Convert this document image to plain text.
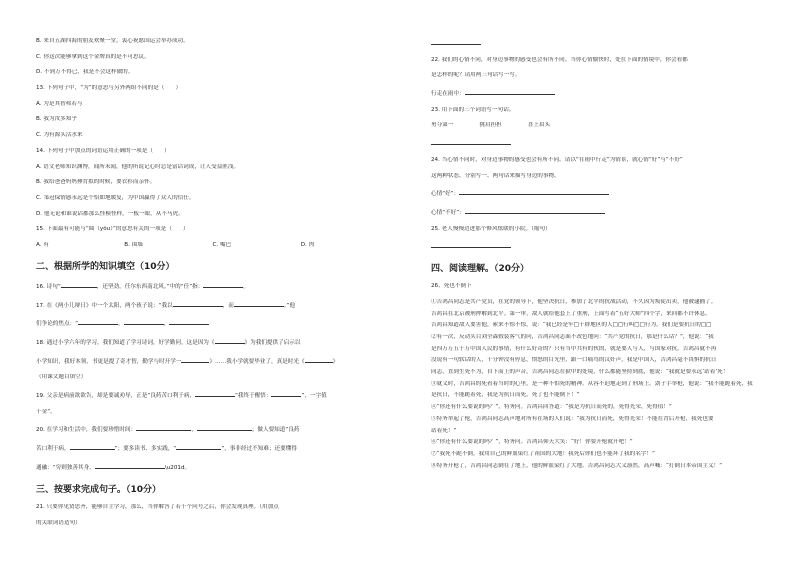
B. 来自五湖四海的朋友欢聚一堂，衷心祝愿国运会举办成功。
C. 你这次能够拿到这个金牌真的是不可思议。
D. 不到万不得已，我是不会这样做的。
13. 下列句子中，“为”的意思与另外两组不同的是（　　）
A. 为是其智弗若与
B. 我为汝多知乎
C. 为有源头活水来
14. 下列句子中加点的词语运用正确的一项是（　　）
A. 语文老师知识渊博，闻所未闻，他的所说记心时总是富话词成，让人受益匪浅。
B. 我给爸爸妈妈捶背拟的时候，要衣衫而亲怀。
C. 邹冠保情感永远是个恰如地媛复，为中国赢得了众人的信任。
D. 他无论和谁说话都那么怪模怪样，一板一眼，从不马虎。
15. 下面最有可能与“圆（yǒu）”的意思有关的一项是（　　）
A. 有	B. 围墙	C. 嘴巴	D. 肉
二、根据所学的知识填空（10分）
16. 诗句“	，还坚劲，任尔东西南北风。”中的“任”指：	。
17. 在《两小儿辩日》中一个太阳，两个孩子说：“我以	，而	。”他
们争论的焦点：“	，	，
18. 通过小学六年的学习，我们知道了学习诗词，好学勤问。这是因为《	》为我们提供了启示以
小学知识，我好本领，书更是提了奇才智，勤学与时开学一	》……我小学就要毕业了，真是时光《	》
（用课文题目填空）
19. 父亲是病前欲欲告，却是要诚劝导，正是“良药苦口利于病，	”我终于醒悟：	”，一字值
千金”。
20. 在学习和生活中，我们要珍惜时间：	，	；做人要知道“良药
苦口利于病，	”；要多读书、多实践，“	”，事非经过不知难；还要懂得
通融：“穷则独善其身，	\u201d。
三、按要求完成句子。（10分）
21. 只要你见贤思齐，能够自主学习，那么，当你解答了若干个问号之后，你会发现真理。（用加点
的关联词语造句）
22. 我们的心情不同，对身边事物的感受也会有所不同。当你心情愉快时，处在下面的情境中，你会看都
是怎样的呢？请用两三句话写一写。
行走在雨中：
23. 用下面的三个词语写一句话。
勇夺第一	挑肩担担	喜上眉头
24. 当心情不同时，对身边事物的感受也会有所不同。请以“在雨中行走”为情景，就心情“好”与“不好”
这两种状态，分别写一、两句话来描写身边的事物。
心情“好”：
心情“不好”：
25. 老人慢慢边进那个修风炫暖的小院。（缩句）
四、阅读理解。（20分）
26、死也不倒下
①吉鸿昌同志是共产党员，在党的领导下，他坚决抗日，参加了北平的抗战活动，不久因为叛徒出卖，他被逮捕了。
吉鸿昌在北京被刑押解到北平。第一审，敌人就给他套上了重刑，上面写着“五好大师”四个字，来回都不许休息。
吉鸿昌知道敌人要害他，索来不惊不惊，说：“我已经是牢□干群地区的人□□行叫□□行为，我们是要抗日的□□
②有一次，反动头目刘全森假装客气的问，吉鸿昌同志面不改色地问：“共产党的抗日，那是什么话？”，他说：“我
是四万万五千万中国人民的事情，有什么好奇的？只有当中共有的伙的，就是要人与人，与国家对抗，吉鸿昌就不再
没说有一句软话的人，十分钟没有停息，愤怒的目光里，跟一口痛骂的汉奸声，我是中国人，吉鸿昌毫不畏惧的抗日
同志，直到生死不为，自下而上的声音，吉鸿昌同志在狱中的处境，什么都能坚持到底，他说：“我就是要永远‘站着’死！
③就义时，吉鸿昌的死看着当时的心里，是一种不怕死的精神。从容不迫地走到了刑场上。刽子手举枪，他说：“我不能跪着死，我
是抗日，不能跪着死，我是为抗日而死，死了也不能倒下！”
④“你还有什么要说的吗？”，特务问。吉鸿昌回答道：“我是为抗日而死的，死得光荣，死得值！”
⑤特务举起了枪，吉鸿昌同志高声地对所有在场的人们说：“我为抗日而死，死得光荣！不能在背后开枪，我死也要
站着死！”
⑥“你还有什么要说的吗？”，特务问。吉鸿昌仰天大笑：“好！你要开枪就开吧！”
⑦“我死不跪不倒。我用自己的鲜血染红了祖国的大地！我死后你们也不能坏了我的名字！”
⑧特务开枪了，吉鸿昌同志倒在了地上，他的鲜血染红了大地。吉鸿昌同志大义凛然，高声喊：“打倒日本帝国主义！”
